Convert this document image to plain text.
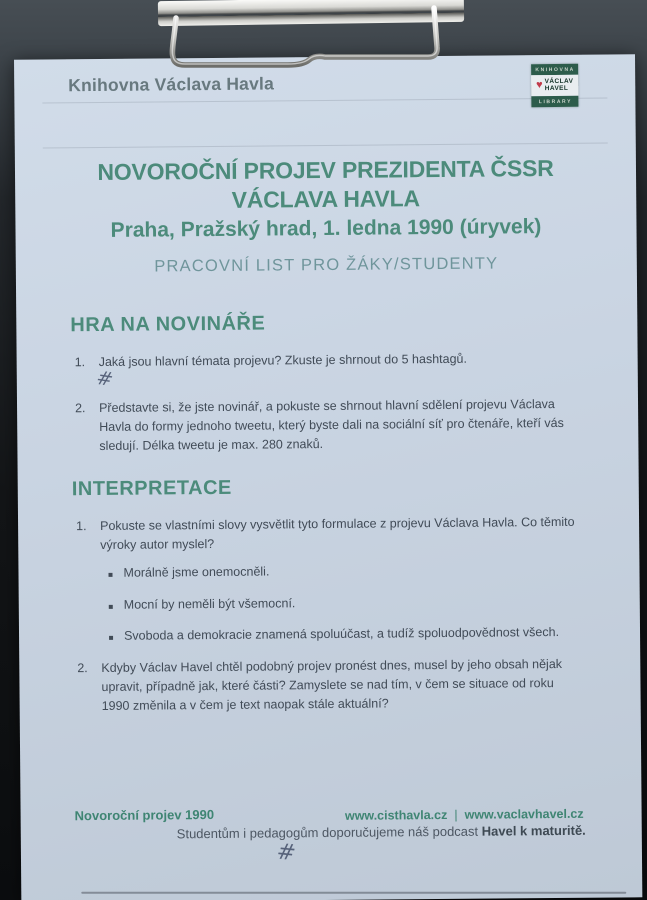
Knihovna Václava Havla
KNIHOVNA
♥ VÁCLAV
HAVEL
LIBRARY
NOVOROČNÍ PROJEV PREZIDENTA ČSSR
VÁCLAVA HAVLA
Praha, Pražský hrad, 1. ledna 1990 (úryvek)
PRACOVNÍ LIST PRO ŽÁKY/STUDENTY
HRA NA NOVINÁŘE
1.	Jaká jsou hlavní témata projevu? Zkuste je shrnout do 5 hashtagů.
#
2.	Představte si, že jste novinář, a pokuste se shrnout hlavní sdělení projevu Václava Havla do formy jednoho tweetu, který byste dali na sociální síť pro čtenáře, kteří vás sledují. Délka tweetu je max. 280 znaků.
INTERPRETACE
1.	Pokuste se vlastními slovy vysvětlit tyto formulace z projevu Václava Havla. Co těmito výroky autor myslel?
Morálně jsme onemocněli.
Mocní by neměli být všemocní.
Svoboda a demokracie znamená spoluúčast, a tudíž spoluodpovědnost všech.
2.	Kdyby Václav Havel chtěl podobný projev pronést dnes, musel by jeho obsah nějak upravit, případně jak, které části? Zamyslete se nad tím, v čem se situace od roku 1990 změnila a v čem je text naopak stále aktuální?
Novoroční projev 1990	www.cisthavla.cz | www.vaclavhavel.cz
Studentům i pedagogům doporučujeme náš podcast Havel k maturitě.
#
